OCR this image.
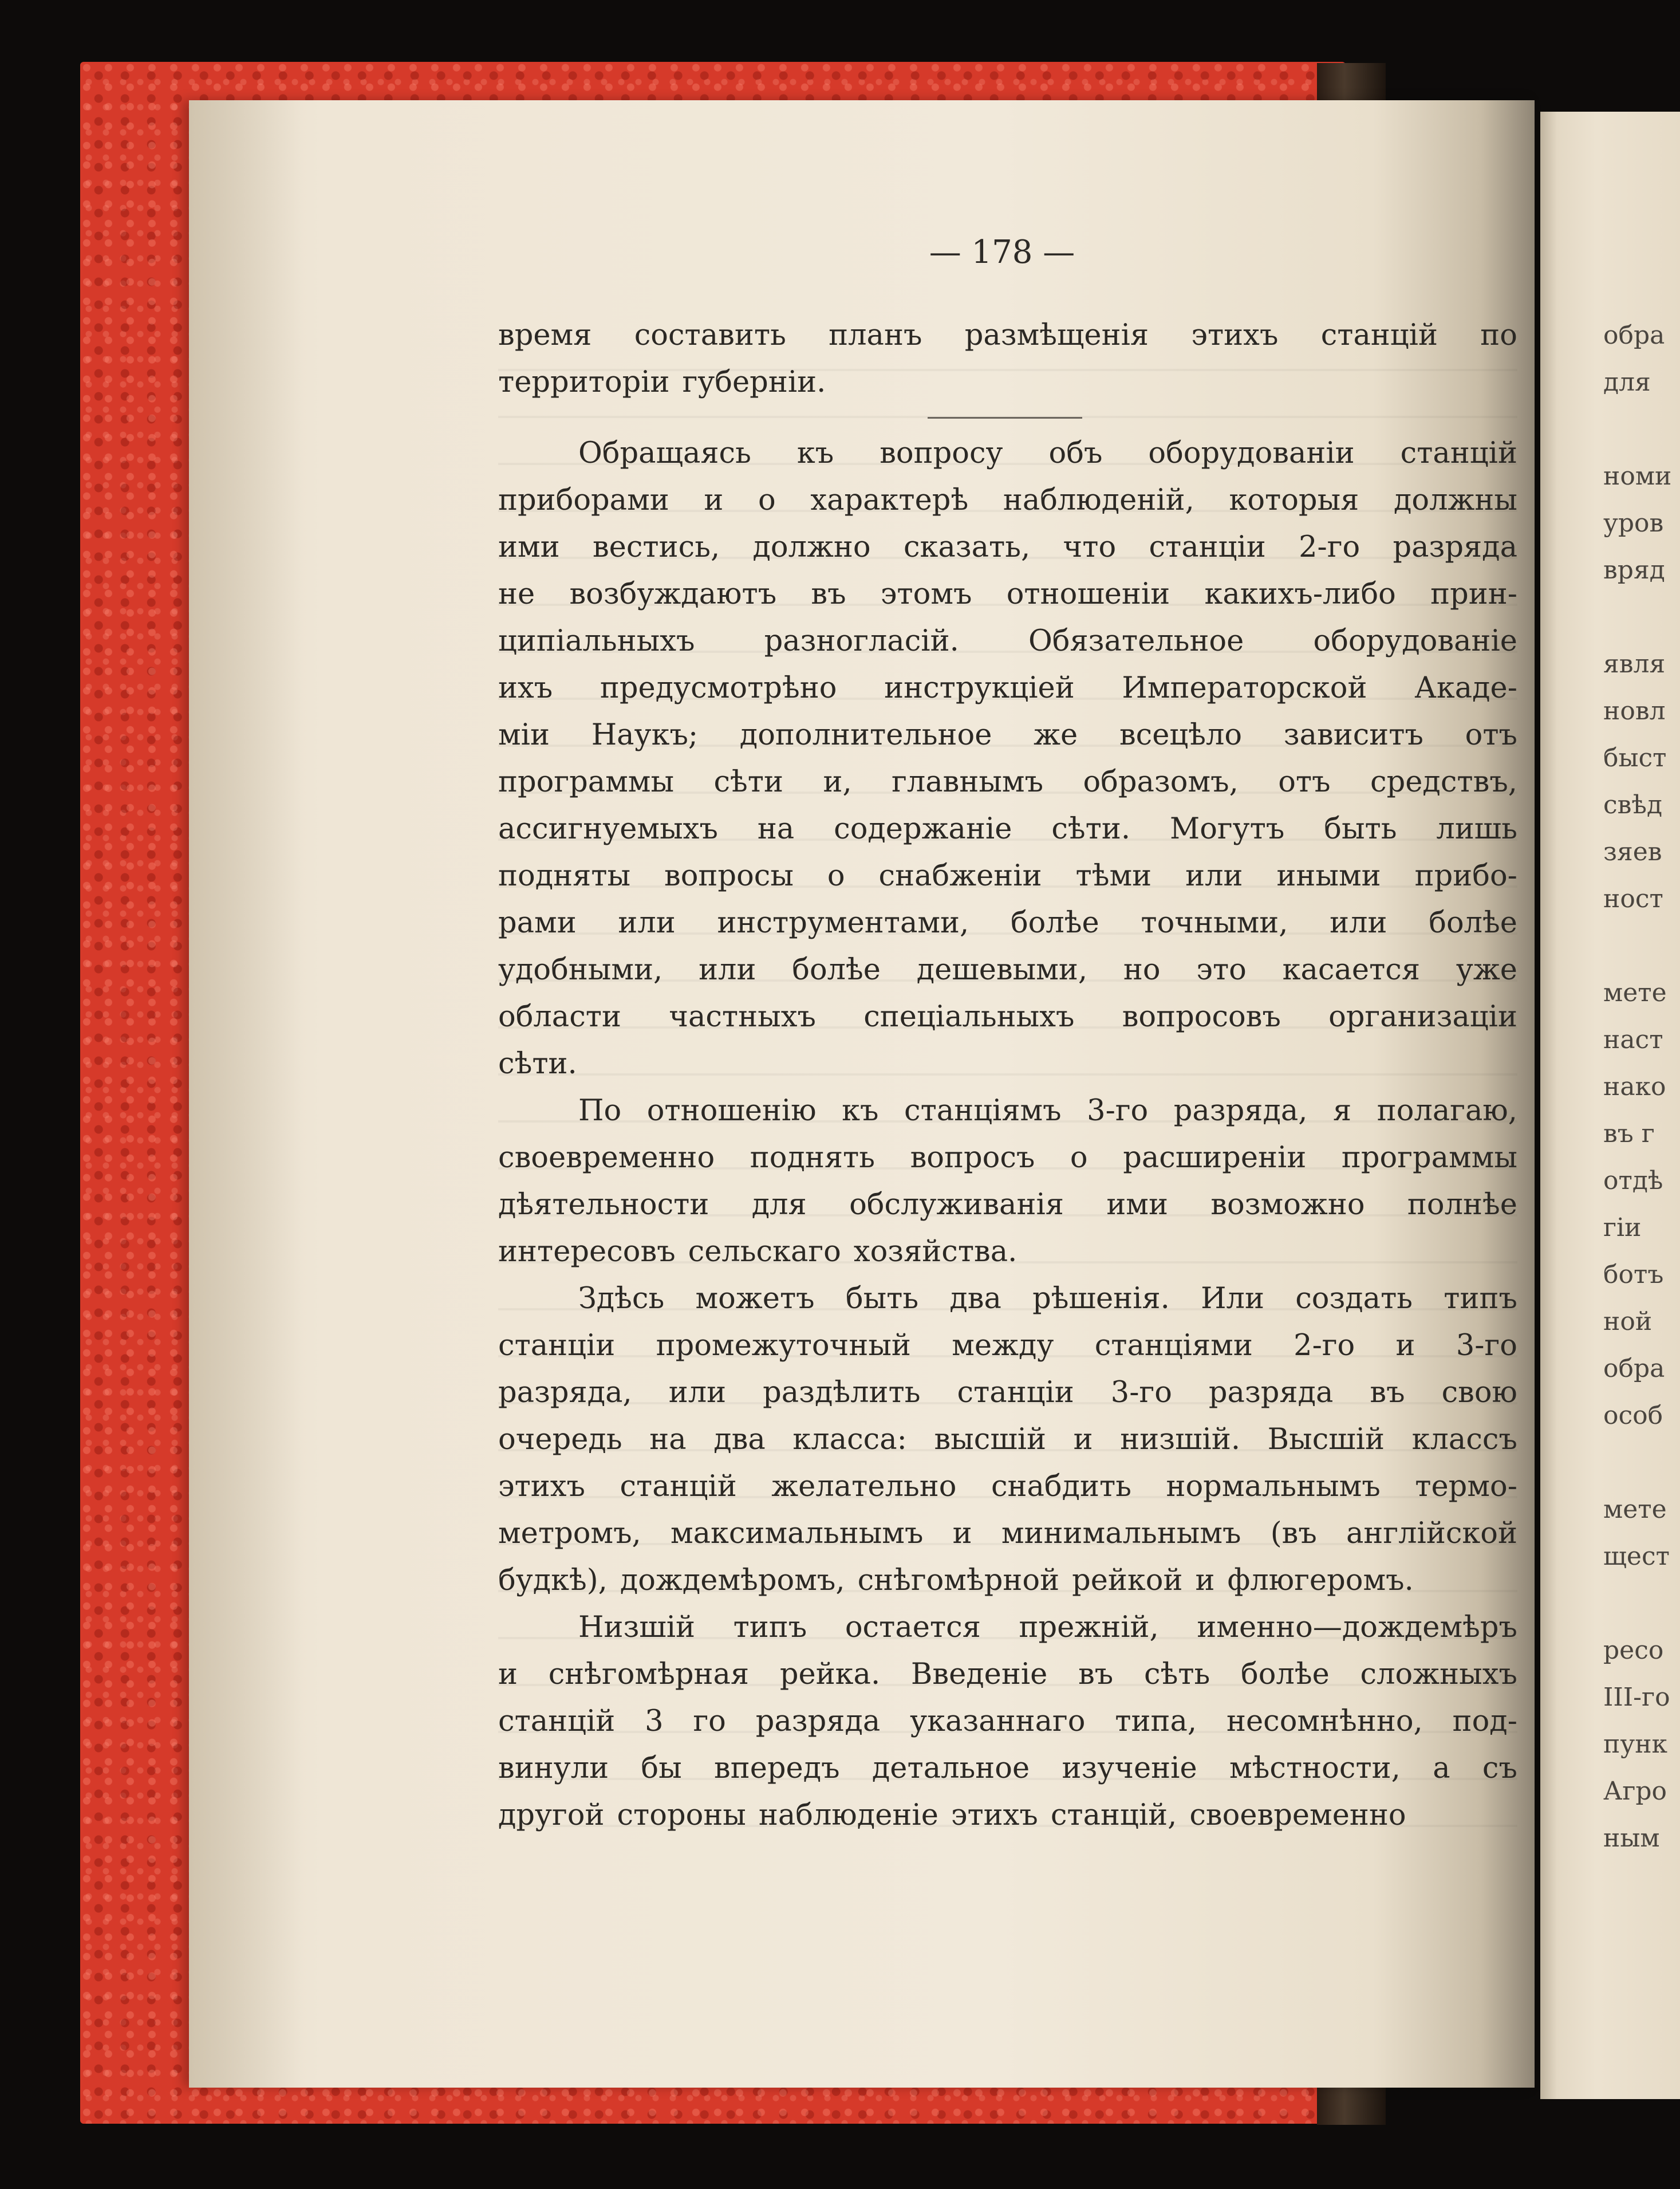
обра
для
номи
уров
вряд
явля
новл
быст
свѣд
зяев
ност
мете
наст
нако
въ г
отдѣ
гіи
ботъ
ной
обра
особ
мете
щест
ресо
III-го
пунк
Агро
ным
— 178 —
время составить планъ размѣщенія этихъ станцій по
территоріи губерніи.
Обращаясь къ вопросу объ оборудованіи станцій
приборами и о характерѣ наблюденій, которыя должны
ими вестись, должно сказать, что станціи 2-го разряда
не возбуждаютъ въ этомъ отношеніи какихъ-либо прин-
ципіальныхъ разногласій. Обязательное оборудованіе
ихъ предусмотрѣно инструкціей Императорской Акаде-
міи Наукъ; дополнительное же всецѣло зависитъ отъ
программы сѣти и, главнымъ образомъ, отъ средствъ,
ассигнуемыхъ на содержаніе сѣти. Могутъ быть лишь
подняты вопросы о снабженіи тѣми или иными прибо-
рами или инструментами, болѣе точными, или болѣе
удобными, или болѣе дешевыми, но это касается уже
области частныхъ спеціальныхъ вопросовъ организаціи
сѣти.
По отношенію къ станціямъ 3-го разряда, я полагаю,
своевременно поднять вопросъ о расширеніи программы
дѣятельности для обслуживанія ими возможно полнѣе
интересовъ сельскаго хозяйства.
Здѣсь можетъ быть два рѣшенія. Или создать типъ
станціи промежуточный между станціями 2-го и 3-го
разряда, или раздѣлить станціи 3-го разряда въ свою
очередь на два класса: высшій и низшій. Высшій классъ
этихъ станцій желательно снабдить нормальнымъ термо-
метромъ, максимальнымъ и минимальнымъ (въ англійской
будкѣ), дождемѣромъ, снѣгомѣрной рейкой и флюгеромъ.
Низшій типъ остается прежній, именно—дождемѣръ
и снѣгомѣрная рейка. Введеніе въ сѣть болѣе сложныхъ
станцій 3 го разряда указаннаго типа, несомнѣнно, под-
винули бы впередъ детальное изученіе мѣстности, а съ
другой стороны наблюденіе этихъ станцій, своевременно
